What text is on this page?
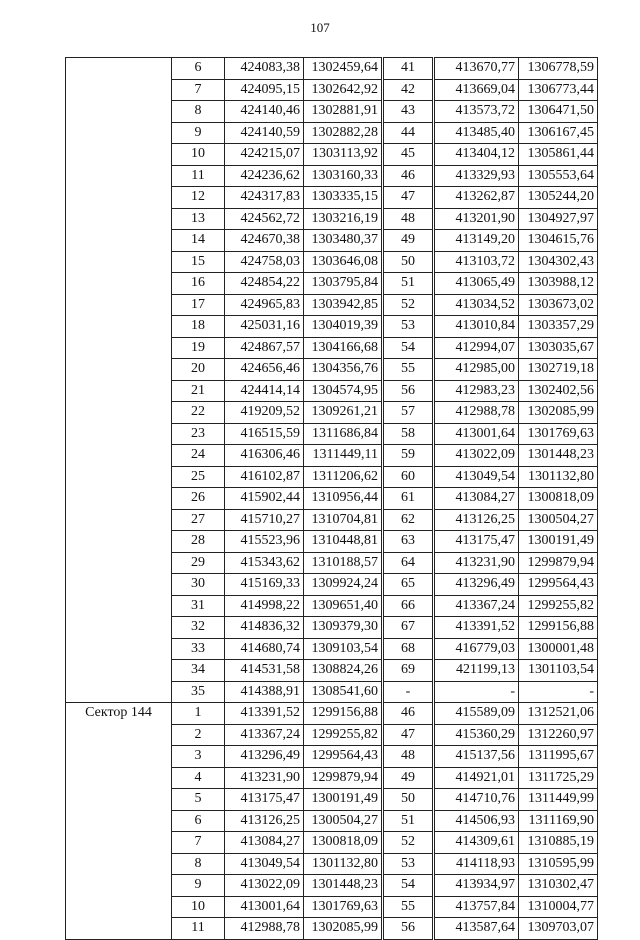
107
	6	424083,38	1302459,64	41	413670,77	1306778,59
	7	424095,15	1302642,92	42	413669,04	1306773,44
	8	424140,46	1302881,91	43	413573,72	1306471,50
	9	424140,59	1302882,28	44	413485,40	1306167,45
	10	424215,07	1303113,92	45	413404,12	1305861,44
	11	424236,62	1303160,33	46	413329,93	1305553,64
	12	424317,83	1303335,15	47	413262,87	1305244,20
	13	424562,72	1303216,19	48	413201,90	1304927,97
	14	424670,38	1303480,37	49	413149,20	1304615,76
	15	424758,03	1303646,08	50	413103,72	1304302,43
	16	424854,22	1303795,84	51	413065,49	1303988,12
	17	424965,83	1303942,85	52	413034,52	1303673,02
	18	425031,16	1304019,39	53	413010,84	1303357,29
	19	424867,57	1304166,68	54	412994,07	1303035,67
	20	424656,46	1304356,76	55	412985,00	1302719,18
	21	424414,14	1304574,95	56	412983,23	1302402,56
	22	419209,52	1309261,21	57	412988,78	1302085,99
	23	416515,59	1311686,84	58	413001,64	1301769,63
	24	416306,46	1311449,11	59	413022,09	1301448,23
	25	416102,87	1311206,62	60	413049,54	1301132,80
	26	415902,44	1310956,44	61	413084,27	1300818,09
	27	415710,27	1310704,81	62	413126,25	1300504,27
	28	415523,96	1310448,81	63	413175,47	1300191,49
	29	415343,62	1310188,57	64	413231,90	1299879,94
	30	415169,33	1309924,24	65	413296,49	1299564,43
	31	414998,22	1309651,40	66	413367,24	1299255,82
	32	414836,32	1309379,30	67	413391,52	1299156,88
	33	414680,74	1309103,54	68	416779,03	1300001,48
	34	414531,58	1308824,26	69	421199,13	1301103,54
	35	414388,91	1308541,60	-	-	-
Сектор 144	1	413391,52	1299156,88	46	415589,09	1312521,06
	2	413367,24	1299255,82	47	415360,29	1312260,97
	3	413296,49	1299564,43	48	415137,56	1311995,67
	4	413231,90	1299879,94	49	414921,01	1311725,29
	5	413175,47	1300191,49	50	414710,76	1311449,99
	6	413126,25	1300504,27	51	414506,93	1311169,90
	7	413084,27	1300818,09	52	414309,61	1310885,19
	8	413049,54	1301132,80	53	414118,93	1310595,99
	9	413022,09	1301448,23	54	413934,97	1310302,47
	10	413001,64	1301769,63	55	413757,84	1310004,77
	11	412988,78	1302085,99	56	413587,64	1309703,07
